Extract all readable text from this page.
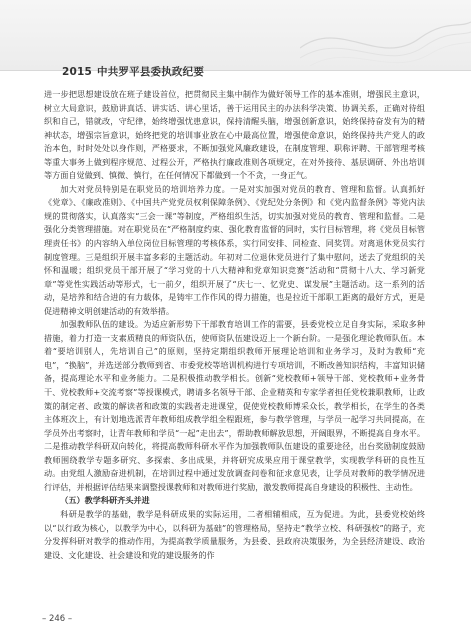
2015 中共罗平县委执政纪要

进一步把思想建设放在班子建设首位，把贯彻民主集中制作为做好领导工作的基本准则，增强民主意识，树立大局意识，鼓励讲真话、讲实话、讲心里话，善于运用民主的办法科学决策、协调关系，正确对待组织和自己，错就改，守纪律，始终增强忧患意识，保持清醒头脑，增强创新意识，始终保持奋发有为的精神状态，增强宗旨意识，始终把党的培训事业放在心中最高位置，增强使命意识，始终保持共产党人的政治本色，时时处处以身作则，严格要求，不断加强党风廉政建设，在制度管理、职称评聘、干部管理考核等重大事务上做到程序规范、过程公开，严格执行廉政准则各项规定，在对外接待、基层调研、外出培训等方面自觉做到、慎微、慎行，在任何情况下都做到一个不贪，一身正气。

加大对党员特别是在职党员的培训培养力度。一是对实加强对党员的教育、管理和监督。认真抓好《党章》、《廉政准则》、《中国共产党党员权利保障条例》、《党纪处分条例》和《党内监督条例》等党内法规的贯彻落实，认真落实“三会一课”等制度，严格组织生活，切实加强对党员的教育、管理和监督。二是强化分类管理措施。对在职党员在“严格制度约束、强化教育监督的同时，实行目标管理，将《党员目标管理责任书》的内容纳入单位岗位目标管理的考核体系，实行同安排、同检查、同奖罚。对离退休党员实行制度管理。三是组织开展丰富多彩的主题活动。年初对二位退休党员进行了集中慰问，送去了党组织的关怀和温暖；组织党员干部开展了“学习党的十八大精神和党章知识竞赛”活动和“贯彻十八大、学习新党章”等党性实践活动等形式，七一前夕，组织开展了“庆七一、忆党史、谋发展”主题活动。这一系列的活动，是培养和结合进的有力载体，是铸牢工作作风的得力措施，也是拉近干部职工距离的最好方式，更是促进精神文明创建活动的有效举措。

加强教师队伍的建设。为适应新形势下干部教育培训工作的需要，县委党校立足自身实际，采取多种措施，着力打造一支素质精良的师资队伍，使师资队伍建设迈上一个新台阶。一是强化理论教师队伍。本着“要培训别人，先培训自己”的原则，坚持定期组织教师开展理论培训和业务学习，及时为教师“充电”，“换脑”，并选送部分教师到省、市委党校等培训机构进行专项培训，不断改善知识结构，丰富知识储备，提高理论水平和业务能力。二是积极推动教学相长。创新“党校教师+领导干部、党校教师+业务骨干、党校教师+交流考察”等授课模式，聘请多名领导干部、企业精英和专家学者担任党校兼职教师，让政策的制定者、政策的解读者和政策的实践者走进课堂，促使党校教师博采众长，教学相长，在学生的各类主体班次上，有计划地选派青年教师组成教学组全程跟班，参与教学管理，与学员一起学习共同提高，在学员外出考察时，让青年教师和学员“一起”走出去”，帮助教师解放思想，开阔眼界，不断提高自身水平。二是推动教学科研双向转化，将提高教师科研水平作为加强教师队伍建设的重要途径，出台奖励制度鼓励教师围绕教学专题多研究、多探索、多出成果，并将研究成果应用于课堂教学，实现教学科研的良性互动。由党组人激励奋进机制，在培训过程中通过发放调查问卷和征求意见表，让学员对教师的教学情况进行评估，并根据评估结果来调整授课教师和对教师进行奖励，激发教师提高自身建设的积极性、主动性。

（五）教学科研齐头并进

科研是教学的基础，教学是科研成果的实际运用，二者相辅相成，互为促进。为此，县委党校始终以“以行政为核心，以教学为中心，以科研为基础”的管理格局，坚持走“教学立校、科研强校”的路子，充分发挥科研对教学的推动作用，为提高教学质量服务，为县委、县政府决策服务，为全县经济建设、政治建设、文化建设、社会建设和党的建设服务的作

– 246 –
